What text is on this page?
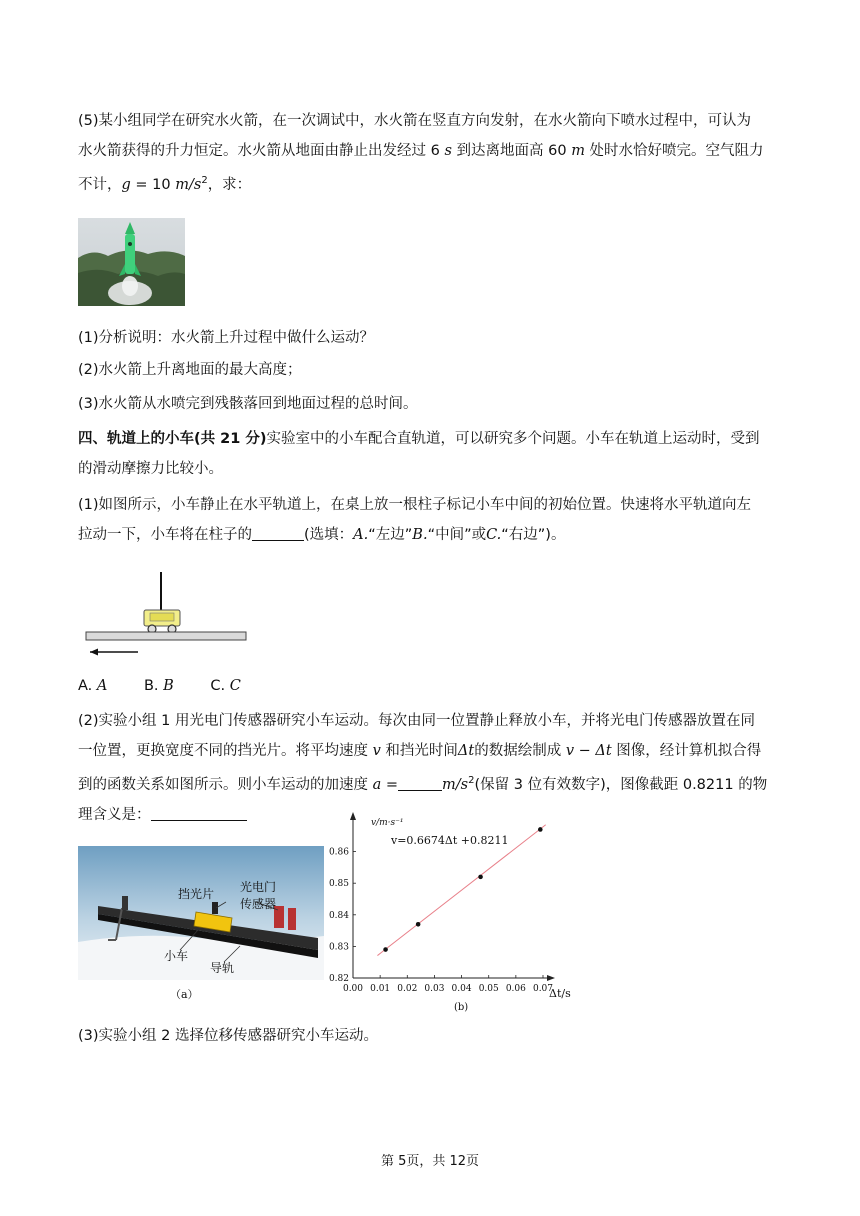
(5)某小组同学在研究水火箭，在一次调试中，水火箭在竖直方向发射，在水火箭向下喷水过程中，可认为
水火箭获得的升力恒定。水火箭从地面由静止出发经过 6 s 到达离地面高 60 m 处时水恰好喷完。空气阻力
不计，g = 10 $m/s^2$，求：
(1)分析说明：水火箭上升过程中做什么运动？
(2)水火箭上升离地面的最大高度；
(3)水火箭从水喷完到残骸落回到地面过程的总时间。
四、轨道上的小车(共 21 分)实验室中的小车配合直轨道，可以研究多个问题。小车在轨道上运动时，受到
的滑动摩擦力比较小。
(1)如图所示，小车静止在水平轨道上，在桌上放一根柱子标记小车中间的初始位置。快速将水平轨道向左
拉动一下，小车将在柱子的	(选填：A.“左边”B.“中间”或C.“右边”)。
A. A	B. B	C. C
(2)实验小组 1 用光电门传感器研究小车运动。每次由同一位置静止释放小车，并将光电门传感器放置在同
一位置，更换宽度不同的挡光片。将平均速度 v 和挡光时间Δt的数据绘制成 v − Δt 图像，经计算机拟合得
到的函数关系如图所示。则小车运动的加速度 a =	$m/s^2$(保留 3 位有效数字)，图像截距 0.8211 的物
理含义是：
挡光片 光电门
传感器
小车
导轨
（a）
v/m·s⁻¹
v=0.6674Δt +0.8211
Δt/s
(b)
0.00 0.01 0.02 0.03 0.04 0.05 0.06 0.07
0.82
0.83
0.84
0.85
0.86
(3)实验小组 2 选择位移传感器研究小车运动。
第 5页，共 12页
